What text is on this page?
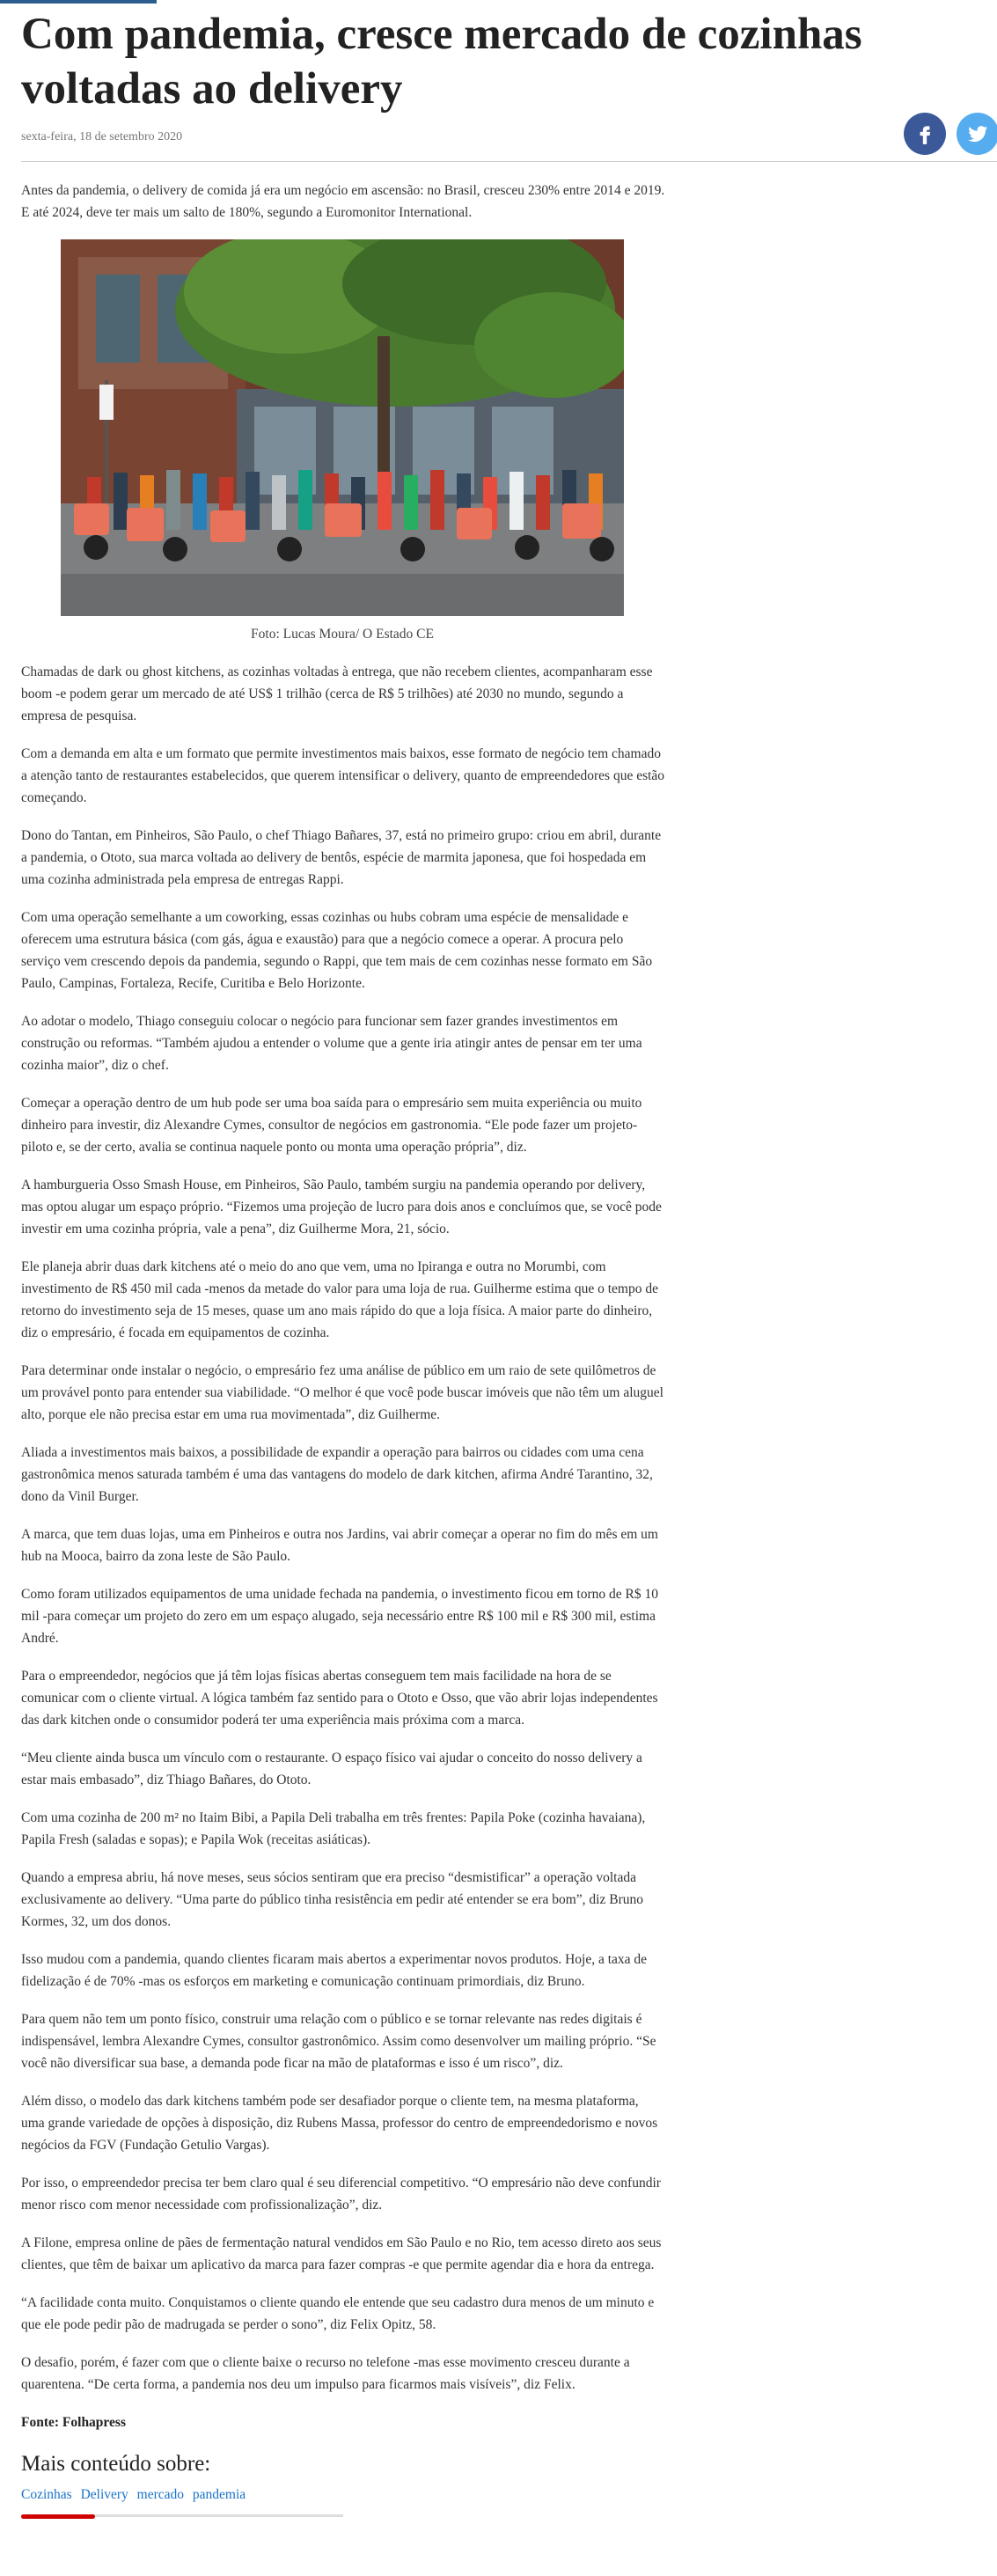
Com pandemia, cresce mercado de cozinhas voltadas ao delivery
sexta-feira, 18 de setembro 2020

Antes da pandemia, o delivery de comida já era um negócio em ascensão: no Brasil, cresceu 230% entre 2014 e 2019. E até 2024, deve ter mais um salto de 180%, segundo a Euromonitor International.

Foto: Lucas Moura/ O Estado CE

Chamadas de dark ou ghost kitchens, as cozinhas voltadas à entrega, que não recebem clientes, acompanharam esse boom -e podem gerar um mercado de até US$ 1 trilhão (cerca de R$ 5 trilhões) até 2030 no mundo, segundo a empresa de pesquisa.

Com a demanda em alta e um formato que permite investimentos mais baixos, esse formato de negócio tem chamado a atenção tanto de restaurantes estabelecidos, que querem intensificar o delivery, quanto de empreendedores que estão começando.

Dono do Tantan, em Pinheiros, São Paulo, o chef Thiago Bañares, 37, está no primeiro grupo: criou em abril, durante a pandemia, o Ototo, sua marca voltada ao delivery de bentôs, espécie de marmita japonesa, que foi hospedada em uma cozinha administrada pela empresa de entregas Rappi.

Com uma operação semelhante a um coworking, essas cozinhas ou hubs cobram uma espécie de mensalidade e oferecem uma estrutura básica (com gás, água e exaustão) para que a negócio comece a operar. A procura pelo serviço vem crescendo depois da pandemia, segundo o Rappi, que tem mais de cem cozinhas nesse formato em São Paulo, Campinas, Fortaleza, Recife, Curitiba e Belo Horizonte.

Ao adotar o modelo, Thiago conseguiu colocar o negócio para funcionar sem fazer grandes investimentos em construção ou reformas. “Também ajudou a entender o volume que a gente iria atingir antes de pensar em ter uma cozinha maior”, diz o chef.

Começar a operação dentro de um hub pode ser uma boa saída para o empresário sem muita experiência ou muito dinheiro para investir, diz Alexandre Cymes, consultor de negócios em gastronomia. “Ele pode fazer um projeto-piloto e, se der certo, avalia se continua naquele ponto ou monta uma operação própria”, diz.

A hamburgueria Osso Smash House, em Pinheiros, São Paulo, também surgiu na pandemia operando por delivery, mas optou alugar um espaço próprio. “Fizemos uma projeção de lucro para dois anos e concluímos que, se você pode investir em uma cozinha própria, vale a pena”, diz Guilherme Mora, 21, sócio.

Ele planeja abrir duas dark kitchens até o meio do ano que vem, uma no Ipiranga e outra no Morumbi, com investimento de R$ 450 mil cada -menos da metade do valor para uma loja de rua. Guilherme estima que o tempo de retorno do investimento seja de 15 meses, quase um ano mais rápido do que a loja física. A maior parte do dinheiro, diz o empresário, é focada em equipamentos de cozinha.

Para determinar onde instalar o negócio, o empresário fez uma análise de público em um raio de sete quilômetros de um provável ponto para entender sua viabilidade. “O melhor é que você pode buscar imóveis que não têm um aluguel alto, porque ele não precisa estar em uma rua movimentada”, diz Guilherme.

Aliada a investimentos mais baixos, a possibilidade de expandir a operação para bairros ou cidades com uma cena gastronômica menos saturada também é uma das vantagens do modelo de dark kitchen, afirma André Tarantino, 32, dono da Vinil Burger.

A marca, que tem duas lojas, uma em Pinheiros e outra nos Jardins, vai abrir começar a operar no fim do mês em um hub na Mooca, bairro da zona leste de São Paulo.

Como foram utilizados equipamentos de uma unidade fechada na pandemia, o investimento ficou em torno de R$ 10 mil -para começar um projeto do zero em um espaço alugado, seja necessário entre R$ 100 mil e R$ 300 mil, estima André.

Para o empreendedor, negócios que já têm lojas físicas abertas conseguem tem mais facilidade na hora de se comunicar com o cliente virtual. A lógica também faz sentido para o Ototo e Osso, que vão abrir lojas independentes das dark kitchen onde o consumidor poderá ter uma experiência mais próxima com a marca.

“Meu cliente ainda busca um vínculo com o restaurante. O espaço físico vai ajudar o conceito do nosso delivery a estar mais embasado”, diz Thiago Bañares, do Ototo.

Com uma cozinha de 200 m² no Itaim Bibi, a Papila Deli trabalha em três frentes: Papila Poke (cozinha havaiana), Papila Fresh (saladas e sopas); e Papila Wok (receitas asiáticas).

Quando a empresa abriu, há nove meses, seus sócios sentiram que era preciso “desmistificar” a operação voltada exclusivamente ao delivery. “Uma parte do público tinha resistência em pedir até entender se era bom”, diz Bruno Kormes, 32, um dos donos.

Isso mudou com a pandemia, quando clientes ficaram mais abertos a experimentar novos produtos. Hoje, a taxa de fidelização é de 70% -mas os esforços em marketing e comunicação continuam primordiais, diz Bruno.

Para quem não tem um ponto físico, construir uma relação com o público e se tornar relevante nas redes digitais é indispensável, lembra Alexandre Cymes, consultor gastronômico. Assim como desenvolver um mailing próprio. “Se você não diversificar sua base, a demanda pode ficar na mão de plataformas e isso é um risco”, diz.

Além disso, o modelo das dark kitchens também pode ser desafiador porque o cliente tem, na mesma plataforma, uma grande variedade de opções à disposição, diz Rubens Massa, professor do centro de empreendedorismo e novos negócios da FGV (Fundação Getulio Vargas).

Por isso, o empreendedor precisa ter bem claro qual é seu diferencial competitivo. “O empresário não deve confundir menor risco com menor necessidade com profissionalização”, diz.

A Filone, empresa online de pães de fermentação natural vendidos em São Paulo e no Rio, tem acesso direto aos seus clientes, que têm de baixar um aplicativo da marca para fazer compras -e que permite agendar dia e hora da entrega.

“A facilidade conta muito. Conquistamos o cliente quando ele entende que seu cadastro dura menos de um minuto e que ele pode pedir pão de madrugada se perder o sono”, diz Felix Opitz, 58.

O desafio, porém, é fazer com que o cliente baixe o recurso no telefone -mas esse movimento cresceu durante a quarentena. “De certa forma, a pandemia nos deu um impulso para ficarmos mais visíveis”, diz Felix.

Fonte: Folhapress

Mais conteúdo sobre:
Cozinhas Delivery mercado pandemia
